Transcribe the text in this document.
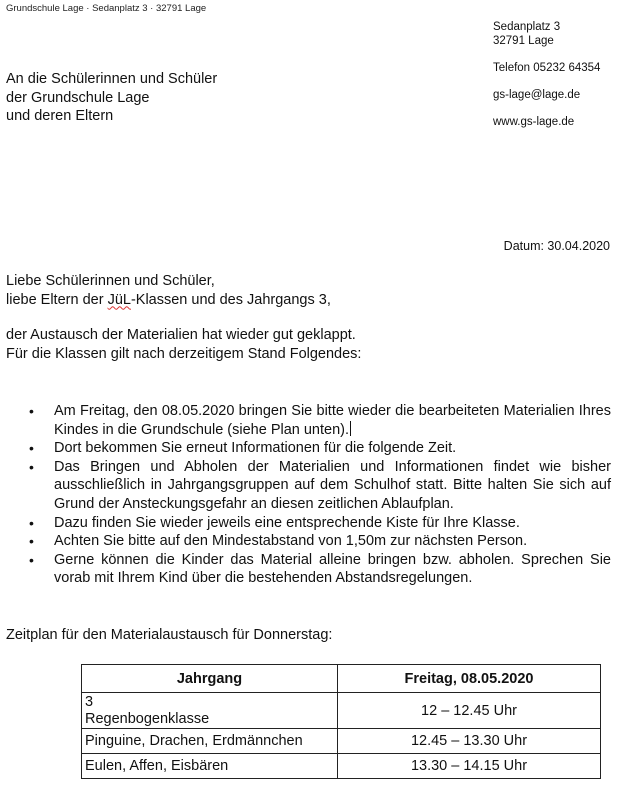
Grundschule Lage · Sedanplatz 3 · 32791 Lage
Sedanplatz 3
32791 Lage
Telefon 05232 64354
gs-lage@lage.de
www.gs-lage.de
An die Schülerinnen und Schüler
der Grundschule Lage
und deren Eltern
Datum: 30.04.2020
Liebe Schülerinnen und Schüler,
liebe Eltern der JüL-Klassen und des Jahrgangs 3,
der Austausch der Materialien hat wieder gut geklappt.
Für die Klassen gilt nach derzeitigem Stand Folgendes:
• Am Freitag, den 08.05.2020 bringen Sie bitte wieder die bearbeiteten Materialien Ihres Kindes in die Grundschule (siehe Plan unten).
• Dort bekommen Sie erneut Informationen für die folgende Zeit.
• Das Bringen und Abholen der Materialien und Informationen findet wie bisher ausschließlich in Jahrgangsgruppen auf dem Schulhof statt. Bitte halten Sie sich auf Grund der Ansteckungsgefahr an diesen zeitlichen Ablaufplan.
• Dazu finden Sie wieder jeweils eine entsprechende Kiste für Ihre Klasse.
• Achten Sie bitte auf den Mindestabstand von 1,50m zur nächsten Person.
• Gerne können die Kinder das Material alleine bringen bzw. abholen. Sprechen Sie vorab mit Ihrem Kind über die bestehenden Abstandsregelungen.
Zeitplan für den Materialaustausch für Donnerstag:
Jahrgang	Freitag, 08.05.2020

3
Regenbogenklasse	12 – 12.45 Uhr
Pinguine, Drachen, Erdmännchen	12.45 – 13.30 Uhr
Eulen, Affen, Eisbären	13.30 – 14.15 Uhr
